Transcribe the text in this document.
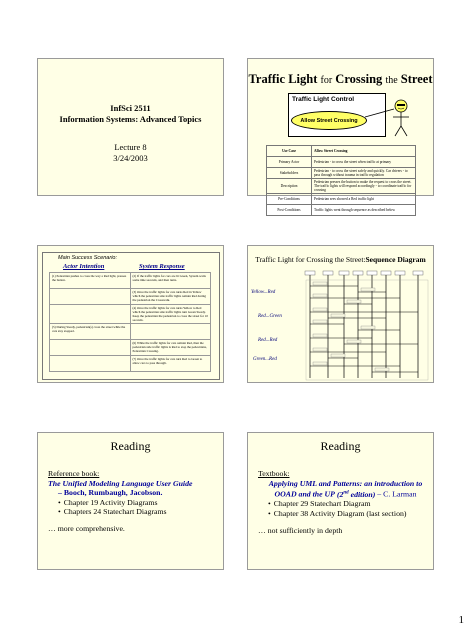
InfSci 2511
Information Systems: Advanced Topics
Lecture 8
3/24/2003
Traffic Light for Crossing the Street
Traffic Light Control
Allow Street Crossing
Use Case	Allow Street Crossing
Primary Actor	Pedestrian - to cross the street when traffic at primary
Stakeholders	Pedestrian - to cross the street safely and quickly. Car drivers - to pass through without trauma in traffic regulation
Description	Pedestrian presses the button to make the request to cross the street. The traffic lights will respond accordingly - to coordinate traffic for crossing
Pre-Conditions	Pedestrian sees showed a Red traffic light
Post-Conditions	Traffic lights went through sequence as described below
Main Success Scenario:
Actor Intention	System Response
(1) Pedestrian pushes to cross the way a Red light, presses the button.	(2) If the traffic lights for cars are lit Green, System waits some time seconds, and then turns.
	(3) Once the traffic lights for cars turns Red in Yellow which the pedestrian side traffic lights remain Red during the pedestrian the Crosswalk.
	(4) Once the traffic lights for cars turns Yellow to Red which the pedestrian side traffic lights turn Green Steady. Keep the pedestrian the pedestrian to cross the street for 10 seconds.
(5) During Steady, pedestrian(s) cross the street while the cars stay stopped.	
	(6) While the traffic lights for cars remain Red, then the pedestrian side traffic lights is Red to stop the pedestrians, Pedestrian Crossing.
	(7) Once the traffic lights for cars turn Red to Green to allow cars to pass through.
Traffic Light for Crossing the Street:Sequence Diagram
Yellow...Red
Red...Green
Red...Red
Green...Red
Reading
Reference book:
The Unified Modeling Language User Guide
– Booch, Rumbaugh, Jacobson.
• Chapter 19 Activity Diagrams
• Chapters 24 Statechart Diagrams
… more comprehensive.
Reading
Textbook:
Applying UML and Patterns: an introduction to OOAD and the UP (2nd edition) – C. Larman
• Chapter 29 Statechart Diagram
• Chapter 38 Activity Diagram (last section)
… not sufficiently in depth
1
